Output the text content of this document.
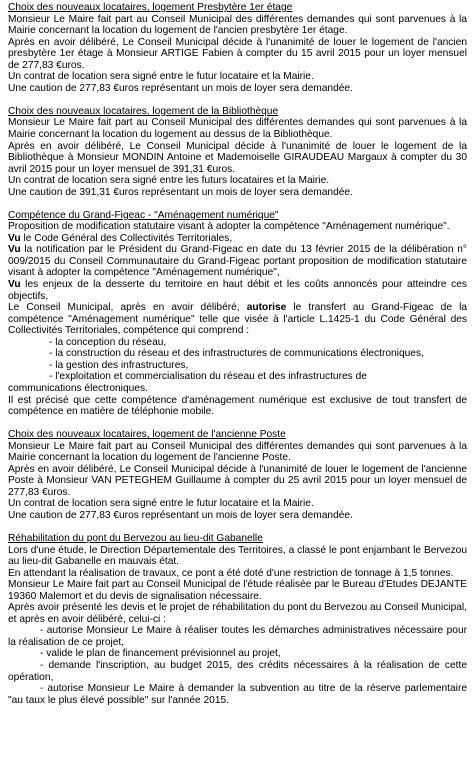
Choix des nouveaux locataires, logement Presbytère 1er étage

Monsieur Le Maire fait part au Conseil Municipal des différentes demandes qui sont parvenues à la Mairie concernant la location du logement de l'ancien presbytère 1er étage.

Après en avoir délibéré, Le Conseil Municipal décide à l'unanimité de louer le logement de l'ancien presbytère 1er étage à Monsieur ARTIGE Fabien à compter du 15 avril 2015 pour un loyer mensuel de 277,83 €uros.

Un contrat de location sera signé entre le futur locataire et la Mairie.

Une caution de 277,83 €uros représentant un mois de loyer sera demandée.

Choix des nouveaux locataires, logement de la Bibliothèque

Monsieur Le Maire fait part au Conseil Municipal des différentes demandes qui sont parvenues à la Mairie concernant la location du logement au dessus de la Bibliothèque.

Après en avoir délibéré, Le Conseil Municipal décide à l'unanimité de louer le logement de la Bibliothèque à Monsieur MONDIN Antoine et Mademoiselle GIRAUDEAU Margaux à compter du 30 avril 2015 pour un loyer mensuel de 391,31 €uros.

Un contrat de location sera signé entre les futurs locataires et la Mairie.

Une caution de 391,31 €uros représentant un mois de loyer sera demandée.

Compétence du Grand-Figeac - "Aménagement numérique"

Proposition de modification statutaire visant à adopter la compétence "Aménagement numérique".

Vu le Code Général des Collectivités Territoriales,

Vu la notification par le Président du Grand-Figeac en date du 13 février 2015 de la délibération n° 009/2015 du Conseil Communautaire du Grand-Figeac portant proposition de modification statutaire visant à adopter la compétence "Aménagement numérique",

Vu les enjeux de la desserte du territoire en haut débit et les coûts annoncés pour atteindre ces objectifs,

Le Conseil Municipal, après en avoir délibéré, autorise le transfert au Grand-Figeac de la compétence "Aménagement numérique" telle que visée à l'article L.1425-1 du Code Général des Collectivités Territoriales, compétence qui comprend :

- la conception du réseau,
- la construction du réseau et des infrastructures de communications électroniques,
- la gestion des infrastructures,
- l'exploitation et commercialisation du réseau et des infrastructures de

communications électroniques.

Il est précisé que cette compétence d'aménagement numérique est exclusive de tout transfert de compétence en matière de téléphonie mobile.

Choix des nouveaux locataires, logement de l'ancienne Poste

Monsieur Le Maire fait part au Conseil Municipal des différentes demandes qui sont parvenues à la Mairie concernant la location du logement de l'ancienne Poste.

Après en avoir délibéré, Le Conseil Municipal décide à l'unanimité de louer le logement de l'ancienne Poste à Monsieur VAN PETEGHEM Guillaume à compter du 25 avril 2015 pour un loyer mensuel de 277,83 €uros.

Un contrat de location sera signé entre le futur locataire et la Mairie.

Une caution de 277,83 €uros représentant un mois de loyer sera demandée.

Réhabilitation du pont du Bervezou au lieu-dit Gabanelle

Lors d'une étude, le Direction Départementale des Territoires, a classé le pont enjambant le Bervezou au lieu-dit Gabanelle en mauvais état.

En attendant la réalisation de travaux, ce pont a été doté d'une restriction de tonnage à 1,5 tonnes.

Monsieur Le Maire fait part au Conseil Municipal de l'étude réalisée par le Bureau d'Etudes DEJANTE 19360 Malemort et du devis de signalisation nécessaire.

Après avoir présenté les devis et le projet de réhabilitation du pont du Bervezou au Conseil Municipal, et après en avoir délibéré, celui-ci :

- autorise Monsieur Le Maire à réaliser toutes les démarches administratives nécessaire pour la réalisation de ce projet,

- valide le plan de financement prévisionnel au projet,

- demande l'inscription, au budget 2015, des crédits nécessaires à la réalisation de cette opération,

- autorise Monsieur Le Maire à demander la subvention au titre de la réserve parlementaire "au taux le plus élevé possible" sur l'année 2015.
